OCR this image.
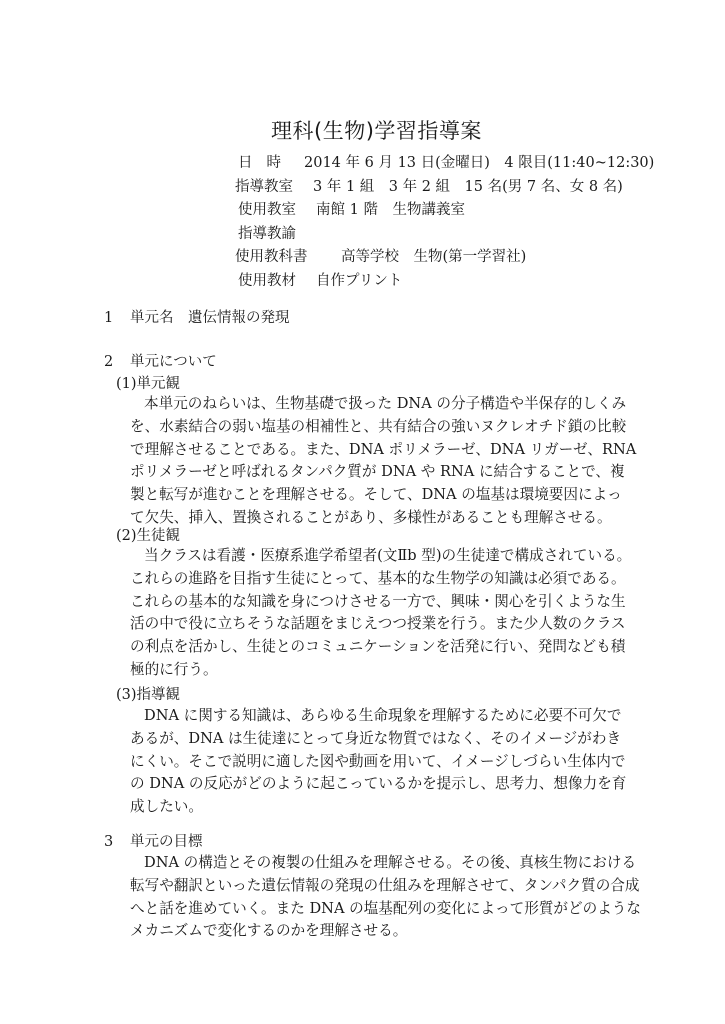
理科(生物)学習指導案
日時 2014 年 6 月 13 日(金曜日)　4 限目(11:40~12:30)
指導教室 3 年 1 組　3 年 2 組　15 名(男 7 名、女 8 名)
使用教室 南館 1 階　生物講義室
指導教諭
使用教科書 高等学校　生物(第一学習社)
使用教材 自作プリント
1 単元名　遺伝情報の発現
2 単元について
(1)単元観
本単元のねらいは、生物基礎で扱った DNA の分子構造や半保存的しくみ
を、水素結合の弱い塩基の相補性と、共有結合の強いヌクレオチド鎖の比較
で理解させることである。また、DNA ポリメラーゼ、DNA リガーゼ、RNA
ポリメラーゼと呼ばれるタンパク質が DNA や RNA に結合することで、複
製と転写が進むことを理解させる。そして、DNA の塩基は環境要因によっ
て欠失、挿入、置換されることがあり、多様性があることも理解させる。
(2)生徒観
当クラスは看護・医療系進学希望者(文Ⅱb 型)の生徒達で構成されている。
これらの進路を目指す生徒にとって、基本的な生物学の知識は必須である。
これらの基本的な知識を身につけさせる一方で、興味・関心を引くような生
活の中で役に立ちそうな話題をまじえつつ授業を行う。また少人数のクラス
の利点を活かし、生徒とのコミュニケーションを活発に行い、発問なども積
極的に行う。
(3)指導観
DNA に関する知識は、あらゆる生命現象を理解するために必要不可欠で
あるが、DNA は生徒達にとって身近な物質ではなく、そのイメージがわき
にくい。そこで説明に適した図や動画を用いて、イメージしづらい生体内で
の DNA の反応がどのように起こっているかを提示し、思考力、想像力を育
成したい。
3 単元の目標
DNA の構造とその複製の仕組みを理解させる。その後、真核生物における
転写や翻訳といった遺伝情報の発現の仕組みを理解させて、タンパク質の合成
へと話を進めていく。また DNA の塩基配列の変化によって形質がどのような
メカニズムで変化するのかを理解させる。
